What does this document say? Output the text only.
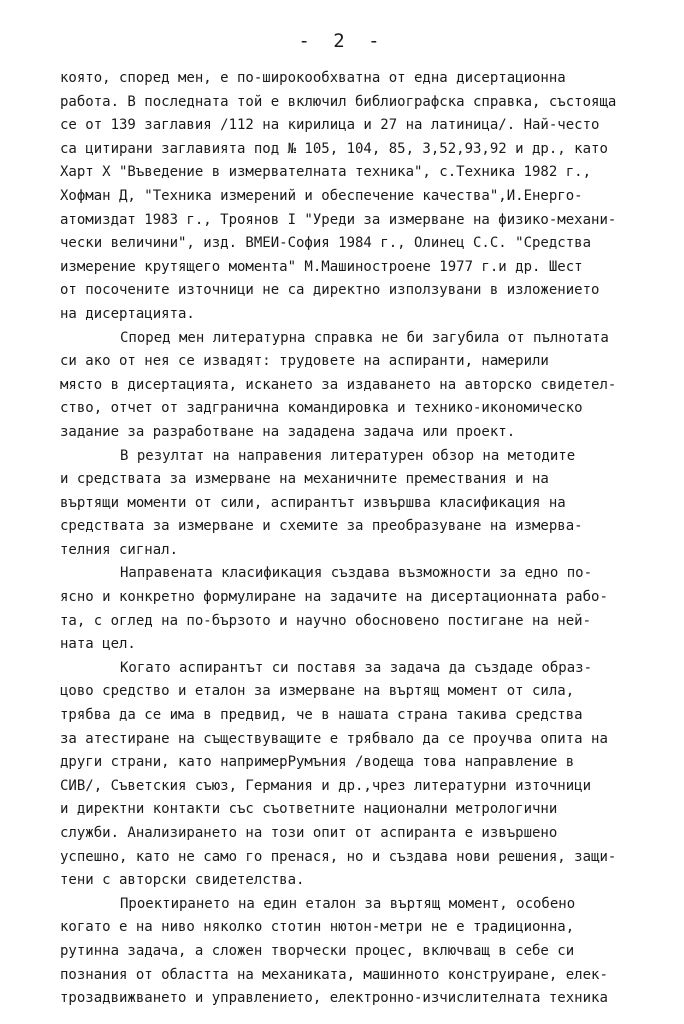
- 2 -
която, според мен, е по-широкообхватна от една дисертационна
работа. В последната той е включил библиографска справка, състояща
се от 139 заглавия /112 на кирилица и 27 на латиница/. Най-често
са цитирани заглавията под № 105, 104, 85, 3,52,93,92 и др., като
Харт Х "Въведение в измервателната техника", с.Техника 1982 г.,
Хофман Д, "Техника измерений и обеспечение качества",И.Енерго-
атомиздат 1983 г., Троянов I "Уреди за измерване на физико-механи-
чески величини", изд. ВМЕИ-София 1984 г., Олинец С.С. "Средства
измерение крутящего момента" М.Машиностроене 1977 г.и др. Шест
от посочените източници не са директно използувани в изложението
на дисертацията.
Според мен литературна справка не би загубила от пълнотата
си ако от нея се извадят: трудовете на аспиранти, намерили
място в дисертацията, искането за издаването на авторско свидетел-
ство, отчет от задгранична командировка и технико-икономическо
задание за разработване на зададена задача или проект.
В резултат на направения литературен обзор на методите
и средствата за измерване на механичните премествания и на
въртящи моменти от сили, аспирантът извършва класификация на
средствата за измерване и схемите за преобразуване на измерва-
телния сигнал.
Направената класификация създава възможности за едно по-
ясно и конкретно формулиране на задачите на дисертационната рабо-
та, с оглед на по-бързото и научно обосновено постигане на ней-
ната цел.
Когато аспирантът си поставя за задача да създаде образ-
цово средство и еталон за измерване на въртящ момент от сила,
трябва да се има в предвид, че в нашата страна такива средства
за атестиране на съществуващите е трябвало да се проучва опита на
други страни, като напримерРумъния /водеща това направление в
СИВ/, Съветския съюз, Германия и др.,чрез литературни източници
и директни контакти със съответните национални метрологични
служби. Анализирането на този опит от аспиранта е извършено
успешно, като не само го пренася, но и създава нови решения, защи-
тени с авторски свидетелства.
Проектирането на един еталон за въртящ момент, особено
когато е на ниво няколко стотин нютон-метри не е традиционна,
рутинна задача, а сложен творчески процес, включващ в себе си
познания от областта на механиката, машинното конструиране, елек-
трозадвижването и управлението, електронно-изчислителната техника
